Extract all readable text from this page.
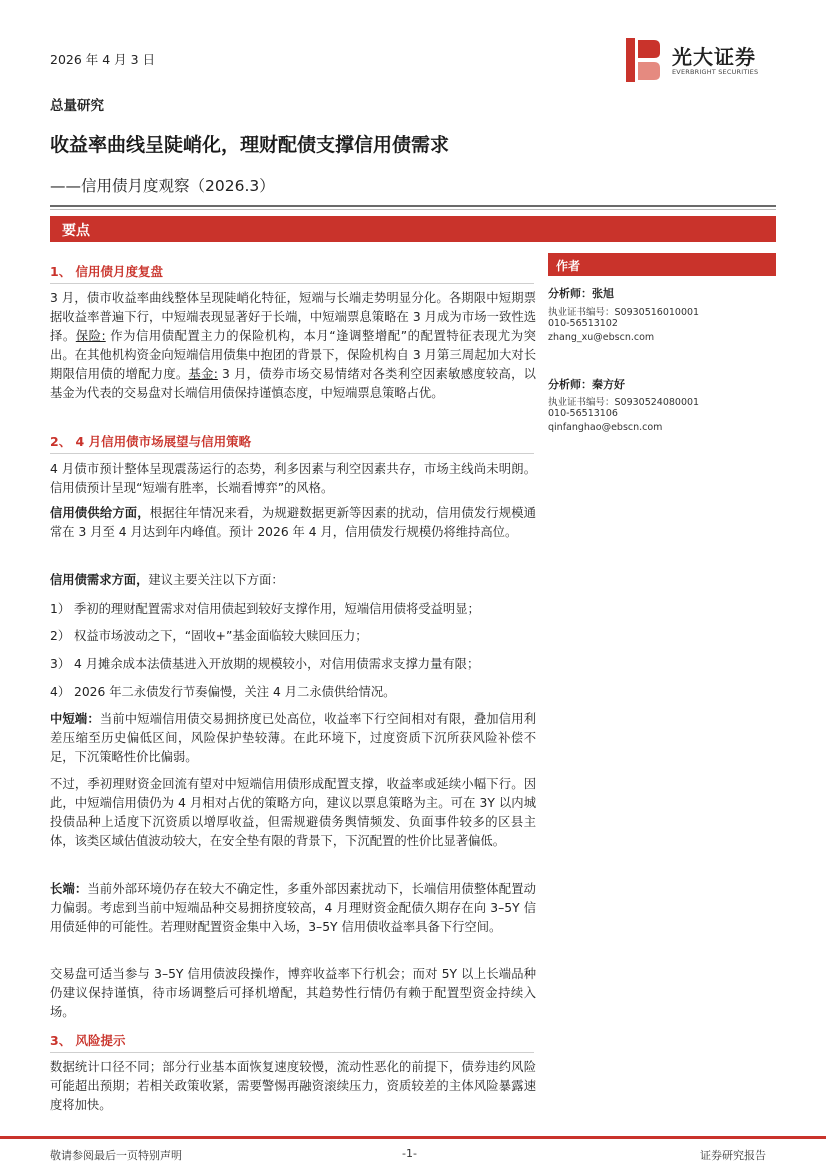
2026 年 4 月 3 日	光大证券
EVERBRIGHT SECURITIES
总量研究
收益率曲线呈陡峭化，理财配债支撑信用债需求
——信用债月度观察（2026.3）
要点
1、 信用债月度复盘
3 月，债市收益率曲线整体呈现陡峭化特征，短端与长端走势明显分化。各期限中短期票据收益率普遍下行，中短端表现显著好于长端，中短端票息策略在 3 月成为市场一致性选择。保险: 作为信用债配置主力的保险机构，本月“逢调整增配”的配置特征表现尤为突出。在其他机构资金向短端信用债集中抱团的背景下，保险机构自 3 月第三周起加大对长期限信用债的增配力度。基金: 3 月，债券市场交易情绪对各类利空因素敏感度较高，以基金为代表的交易盘对长端信用债保持谨慎态度，中短端票息策略占优。
2、 4 月信用债市场展望与信用策略
4 月债市预计整体呈现震荡运行的态势，利多因素与利空因素共存，市场主线尚未明朗。信用债预计呈现“短端有胜率，长端看博弈”的风格。
信用债供给方面，根据往年情况来看，为规避数据更新等因素的扰动，信用债发行规模通常在 3 月至 4 月达到年内峰值。预计 2026 年 4 月，信用债发行规模仍将维持高位。
信用债需求方面，建议主要关注以下方面：
1） 季初的理财配置需求对信用债起到较好支撑作用，短端信用债将受益明显；
2） 权益市场波动之下，“固收+”基金面临较大赎回压力；
3） 4 月摊余成本法债基进入开放期的规模较小，对信用债需求支撑力量有限；
4） 2026 年二永债发行节奏偏慢，关注 4 月二永债供给情况。
中短端：当前中短端信用债交易拥挤度已处高位，收益率下行空间相对有限，叠加信用利差压缩至历史偏低区间，风险保护垫较薄。在此环境下，过度资质下沉所获风险补偿不足，下沉策略性价比偏弱。
不过，季初理财资金回流有望对中短端信用债形成配置支撑，收益率或延续小幅下行。因此，中短端信用债仍为 4 月相对占优的策略方向，建议以票息策略为主。可在 3Y 以内城投债品种上适度下沉资质以增厚收益，但需规避债务舆情频发、负面事件较多的区县主体，该类区域估值波动较大，在安全垫有限的背景下，下沉配置的性价比显著偏低。
长端：当前外部环境仍存在较大不确定性，多重外部因素扰动下，长端信用债整体配置动力偏弱。考虑到当前中短端品种交易拥挤度较高，4 月理财资金配债久期存在向 3–5Y 信用债延伸的可能性。若理财配置资金集中入场，3–5Y 信用债收益率具备下行空间。
交易盘可适当参与 3–5Y 信用债波段操作，博弈收益率下行机会；而对 5Y 以上长端品种仍建议保持谨慎，待市场调整后可择机增配，其趋势性行情仍有赖于配置型资金持续入场。
3、 风险提示
数据统计口径不同；部分行业基本面恢复速度较慢，流动性恶化的前提下，债券违约风险可能超出预期；若相关政策收紧，需要警惕再融资滚续压力，资质较差的主体风险暴露速度将加快。
作者
分析师：张旭
执业证书编号：S0930516010001
010-56513102
zhang_xu@ebscn.com
分析师：秦方好
执业证书编号：S0930524080001
010-56513106
qinfanghao@ebscn.com
敬请参阅最后一页特别声明	-1-	证券研究报告
